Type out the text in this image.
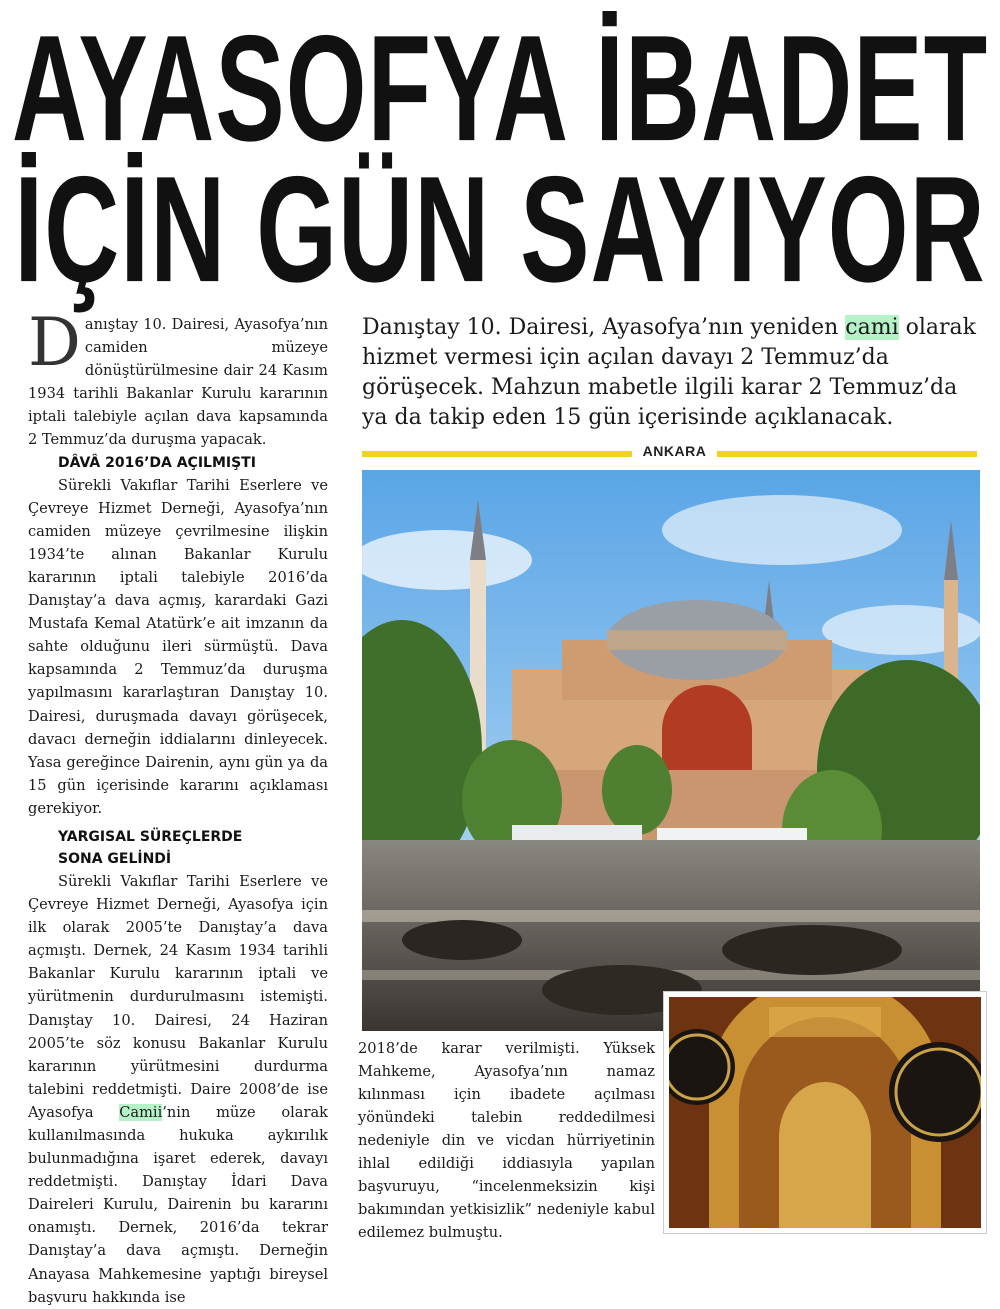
AYASOFYA İBADET
İÇİN GÜN SAYIYOR

Danıştay 10. Dairesi, Ayasofya’nın camiden müzeye dönüştürülmesine dair 24 Kasım 1934 tarihli Bakanlar Kurulu kararının iptali talebiyle açılan dava kapsamında 2 Temmuz’da duruşma yapacak.

DÂVÂ 2016’DA AÇILMIŞTI

Sürekli Vakıflar Tarihi Eserlere ve Çevreye Hizmet Derneği, Ayasofya’nın camiden müzeye çevrilmesine ilişkin 1934’te alınan Bakanlar Kurulu kararının iptali talebiyle 2016’da Danıştay’a dava açmış, karardaki Gazi Mustafa Kemal Atatürk’e ait imzanın da sahte olduğunu ileri sürmüştü. Dava kapsamında 2 Temmuz’da duruşma yapılmasını kararlaştıran Danıştay 10. Dairesi, duruşmada davayı görüşecek, davacı derneğin iddialarını dinleyecek. Yasa gereğince Dairenin, aynı gün ya da 15 gün içerisinde kararını açıklaması gerekiyor.

YARGISAL SÜREÇLERDE
SONA GELİNDİ

Sürekli Vakıflar Tarihi Eserlere ve Çevreye Hizmet Derneği, Ayasofya için ilk olarak 2005’te Danıştay’a dava açmıştı. Dernek, 24 Kasım 1934 tarihli Bakanlar Kurulu kararının iptali ve yürütmenin durdurulmasını istemişti. Danıştay 10. Dairesi, 24 Haziran 2005’te söz konusu Bakanlar Kurulu kararının yürütmesini durdurma talebini reddetmişti. Daire 2008’de ise Ayasofya Camii’nin müze olarak kullanılmasında hukuka aykırılık bulunmadığına işaret ederek, davayı reddetmişti. Danıştay İdari Dava Daireleri Kurulu, Dairenin bu kararını onamıştı. Dernek, 2016’da tekrar Danıştay’a dava açmıştı. Derneğin Anayasa Mahkemesine yaptığı bireysel başvuru hakkında ise

Danıştay 10. Dairesi, Ayasofya’nın yeniden cami olarak hizmet vermesi için açılan davayı 2 Temmuz’da görüşecek. Mahzun mabetle ilgili karar 2 Temmuz’da ya da takip eden 15 gün içerisinde açıklanacak.
ANKARA

2018’de karar verilmişti. Yüksek Mahkeme, Ayasofya’nın namaz kılınması için ibadete açılması yönündeki talebin reddedilmesi nedeniyle din ve vicdan hürriyetinin ihlal edildiği iddiasıyla yapılan başvuruyu, “incelenmeksizin kişi bakımından yetkisizlik” nedeniyle kabul edilemez bulmuştu.
